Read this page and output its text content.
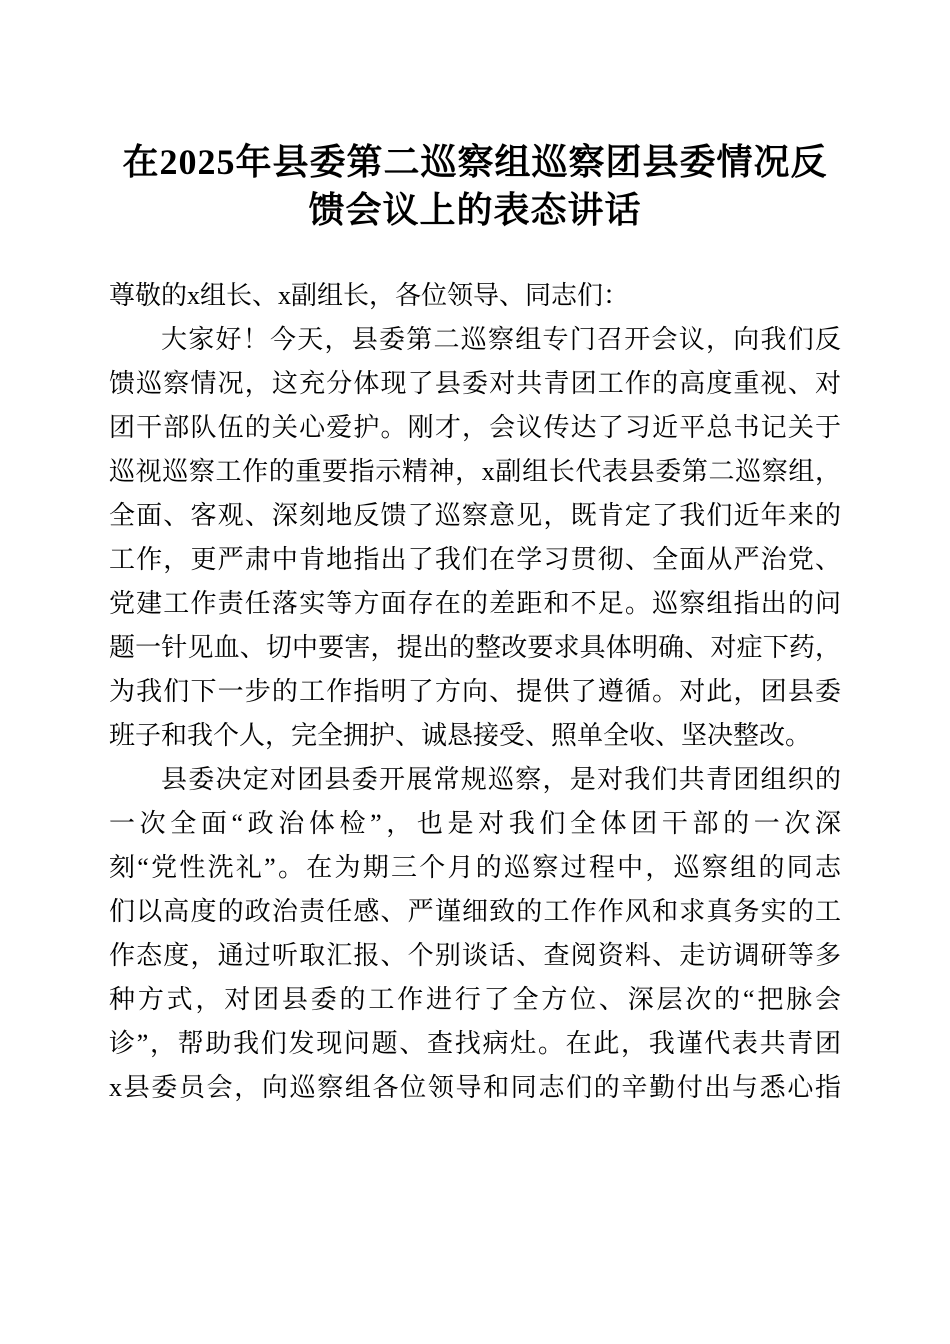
在2025年县委第二巡察组巡察团县委情况反
馈会议上的表态讲话
尊敬的x组长、x副组长，各位领导、同志们：
大家好！今天，县委第二巡察组专门召开会议，向我们反
馈巡察情况，这充分体现了县委对共青团工作的高度重视、对
团干部队伍的关心爱护。刚才，会议传达了习近平总书记关于
巡视巡察工作的重要指示精神，x副组长代表县委第二巡察组，
全面、客观、深刻地反馈了巡察意见，既肯定了我们近年来的
工作，更严肃中肯地指出了我们在学习贯彻、全面从严治党、
党建工作责任落实等方面存在的差距和不足。巡察组指出的问
题一针见血、切中要害，提出的整改要求具体明确、对症下药，
为我们下一步的工作指明了方向、提供了遵循。对此，团县委
班子和我个人，完全拥护、诚恳接受、照单全收、坚决整改。
县委决定对团县委开展常规巡察，是对我们共青团组织的
一次全面“政治体检”，也是对我们全体团干部的一次深
刻“党性洗礼”。在为期三个月的巡察过程中，巡察组的同志
们以高度的政治责任感、严谨细致的工作作风和求真务实的工
作态度，通过听取汇报、个别谈话、查阅资料、走访调研等多
种方式，对团县委的工作进行了全方位、深层次的“把脉会
诊”，帮助我们发现问题、查找病灶。在此，我谨代表共青团
x县委员会，向巡察组各位领导和同志们的辛勤付出与悉心指
